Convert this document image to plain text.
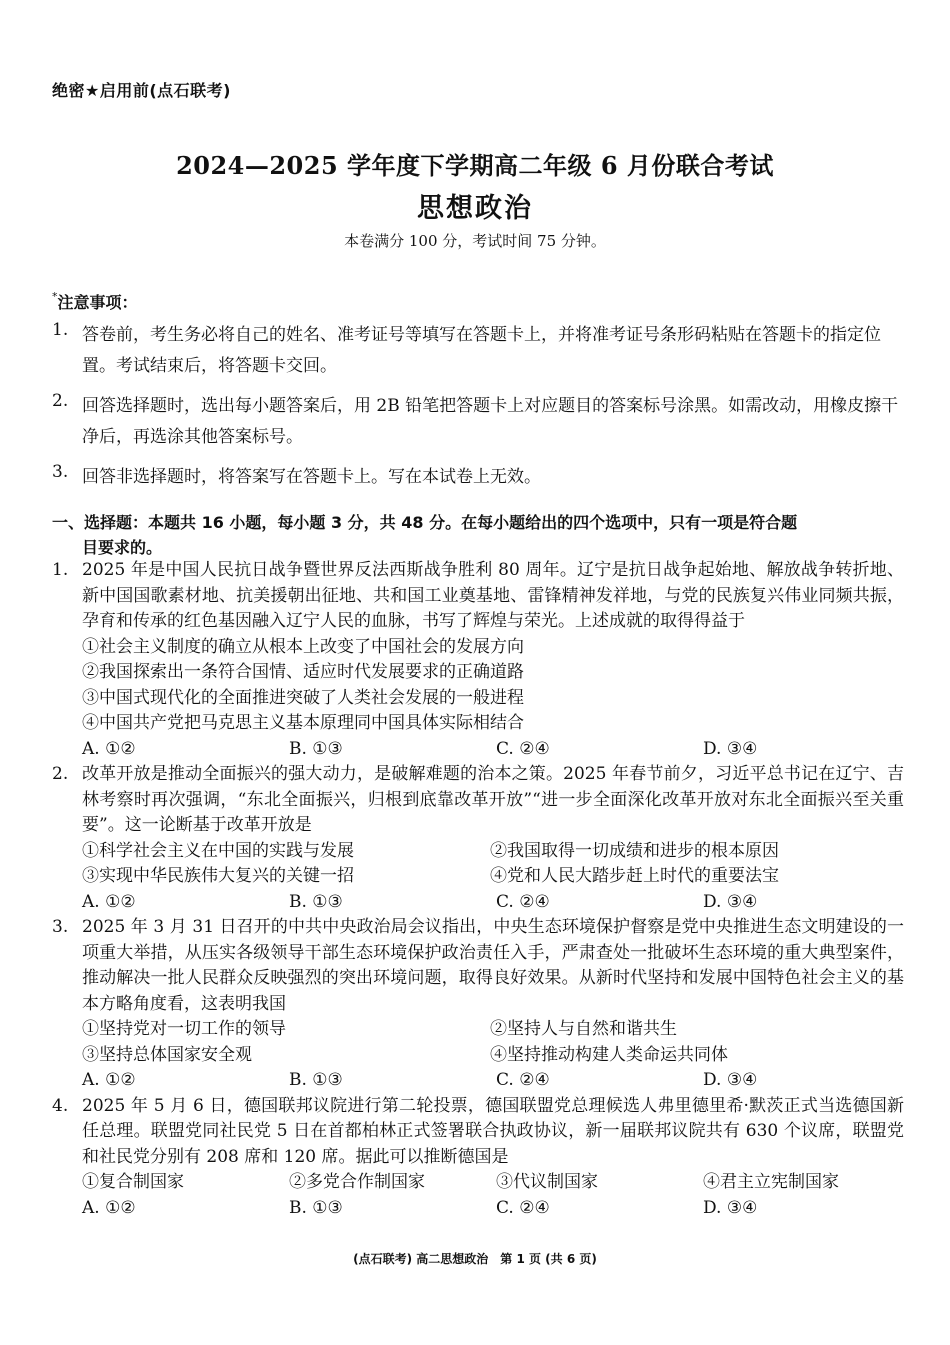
绝密★启用前(点石联考)
2024—2025 学年度下学期高二年级 6 月份联合考试
思想政治
本卷满分 100 分，考试时间 75 分钟。
*注意事项：
1. 答卷前，考生务必将自己的姓名、准考证号等填写在答题卡上，并将准考证号条形码粘贴在答题卡的指定位置。考试结束后，将答题卡交回。
2. 回答选择题时，选出每小题答案后，用 2B 铅笔把答题卡上对应题目的答案标号涂黑。如需改动，用橡皮擦干净后，再选涂其他答案标号。
3. 回答非选择题时，将答案写在答题卡上。写在本试卷上无效。
一、选择题：本题共 16 小题，每小题 3 分，共 48 分。在每小题给出的四个选项中，只有一项是符合题
目要求的。
1. 2025 年是中国人民抗日战争暨世界反法西斯战争胜利 80 周年。辽宁是抗日战争起始地、解放战争转折地、新中国国歌素材地、抗美援朝出征地、共和国工业奠基地、雷锋精神发祥地，与党的民族复兴伟业同频共振，孕育和传承的红色基因融入辽宁人民的血脉，书写了辉煌与荣光。上述成就的取得得益于
①社会主义制度的确立从根本上改变了中国社会的发展方向
②我国探索出一条符合国情、适应时代发展要求的正确道路
③中国式现代化的全面推进突破了人类社会发展的一般进程
④中国共产党把马克思主义基本原理同中国具体实际相结合
A. ①②	B. ①③	C. ②④	D. ③④
2. 改革开放是推动全面振兴的强大动力，是破解难题的治本之策。2025 年春节前夕，习近平总书记在辽宁、吉林考察时再次强调，“东北全面振兴，归根到底靠改革开放”“进一步全面深化改革开放对东北全面振兴至关重要”。这一论断基于改革开放是
①科学社会主义在中国的实践与发展	②我国取得一切成绩和进步的根本原因
③实现中华民族伟大复兴的关键一招	④党和人民大踏步赶上时代的重要法宝
A. ①②	B. ①③	C. ②④	D. ③④
3. 2025 年 3 月 31 日召开的中共中央政治局会议指出，中央生态环境保护督察是党中央推进生态文明建设的一项重大举措，从压实各级领导干部生态环境保护政治责任入手，严肃查处一批破坏生态环境的重大典型案件，推动解决一批人民群众反映强烈的突出环境问题，取得良好效果。从新时代坚持和发展中国特色社会主义的基本方略角度看，这表明我国
①坚持党对一切工作的领导	②坚持人与自然和谐共生
③坚持总体国家安全观	④坚持推动构建人类命运共同体
A. ①②	B. ①③	C. ②④	D. ③④
4. 2025 年 5 月 6 日，德国联邦议院进行第二轮投票，德国联盟党总理候选人弗里德里希·默茨正式当选德国新任总理。联盟党同社民党 5 日在首都柏林正式签署联合执政协议，新一届联邦议院共有 630 个议席，联盟党和社民党分别有 208 席和 120 席。据此可以推断德国是
①复合制国家	②多党合作制国家	③代议制国家	④君主立宪制国家
A. ①②	B. ①③	C. ②④	D. ③④
(点石联考) 高二思想政治　第 1 页 (共 6 页)
